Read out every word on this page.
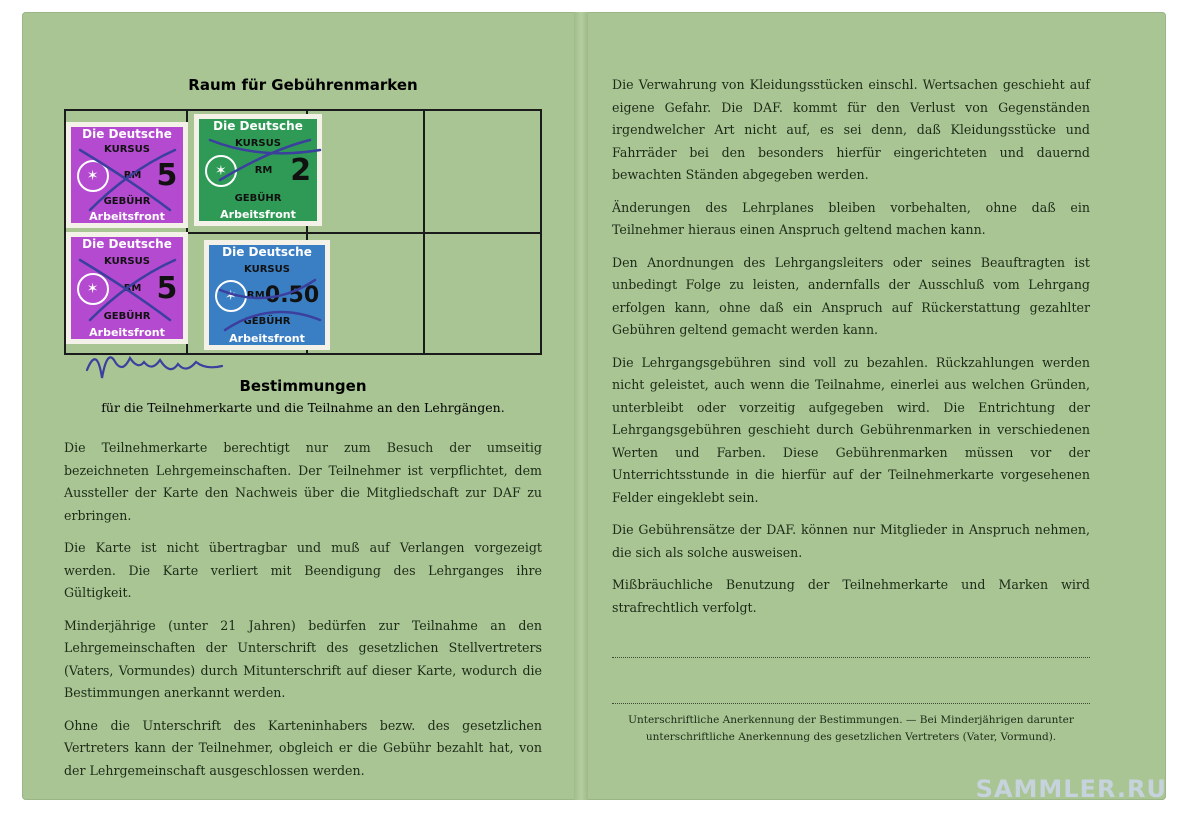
Raum für Gebührenmarken
Die Deutsche
KURSUS
✶	RM 5
GEBÜHR
Arbeitsfront
Die Deutsche
KURSUS
✶	RM 2
GEBÜHR
Arbeitsfront
Die Deutsche
KURSUS
✶	RM 5
GEBÜHR
Arbeitsfront
Die Deutsche
KURSUS
✶	RM 0.50
GEBÜHR
Arbeitsfront
Bestimmungen

für die Teilnehmerkarte und die Teilnahme an den Lehrgängen.

Die Teilnehmerkarte berechtigt nur zum Besuch der umseitig bezeichneten Lehrgemeinschaften. Der Teilnehmer ist verpflichtet, dem Aussteller der Karte den Nachweis über die Mitgliedschaft zur DAF zu erbringen.

Die Karte ist nicht übertragbar und muß auf Verlangen vorgezeigt werden. Die Karte verliert mit Beendigung des Lehrganges ihre Gültigkeit.

Minderjährige (unter 21 Jahren) bedürfen zur Teilnahme an den Lehrgemeinschaften der Unterschrift des gesetzlichen Stellvertreters (Vaters, Vormundes) durch Mitunterschrift auf dieser Karte, wodurch die Bestimmungen anerkannt werden.

Ohne die Unterschrift des Karteninhabers bezw. des gesetzlichen Vertreters kann der Teilnehmer, obgleich er die Gebühr bezahlt hat, von der Lehrgemeinschaft ausgeschlossen werden.

Die Verwahrung von Kleidungsstücken einschl. Wertsachen geschieht auf eigene Gefahr. Die DAF. kommt für den Verlust von Gegenständen irgendwelcher Art nicht auf, es sei denn, daß Kleidungsstücke und Fahrräder bei den besonders hierfür eingerichteten und dauernd bewachten Ständen abgegeben werden.

Änderungen des Lehrplanes bleiben vorbehalten, ohne daß ein Teilnehmer hieraus einen Anspruch geltend machen kann.

Den Anordnungen des Lehrgangsleiters oder seines Beauftragten ist unbedingt Folge zu leisten, andernfalls der Ausschluß vom Lehrgang erfolgen kann, ohne daß ein Anspruch auf Rückerstattung gezahlter Gebühren geltend gemacht werden kann.

Die Lehrgangsgebühren sind voll zu bezahlen. Rückzahlungen werden nicht geleistet, auch wenn die Teilnahme, einerlei aus welchen Gründen, unterbleibt oder vorzeitig aufgegeben wird. Die Entrichtung der Lehrgangsgebühren geschieht durch Gebührenmarken in verschiedenen Werten und Farben. Diese Gebührenmarken müssen vor der Unterrichtsstunde in die hierfür auf der Teilnehmerkarte vorgesehenen Felder eingeklebt sein.

Die Gebührensätze der DAF. können nur Mitglieder in Anspruch nehmen, die sich als solche ausweisen.

Mißbräuchliche Benutzung der Teilnehmerkarte und Marken wird strafrechtlich verfolgt.

Unterschriftliche Anerkennung der Bestimmungen. — Bei Minderjährigen darunter unterschriftliche Anerkennung des gesetzlichen Vertreters (Vater, Vormund).

SAMMLER.RU
